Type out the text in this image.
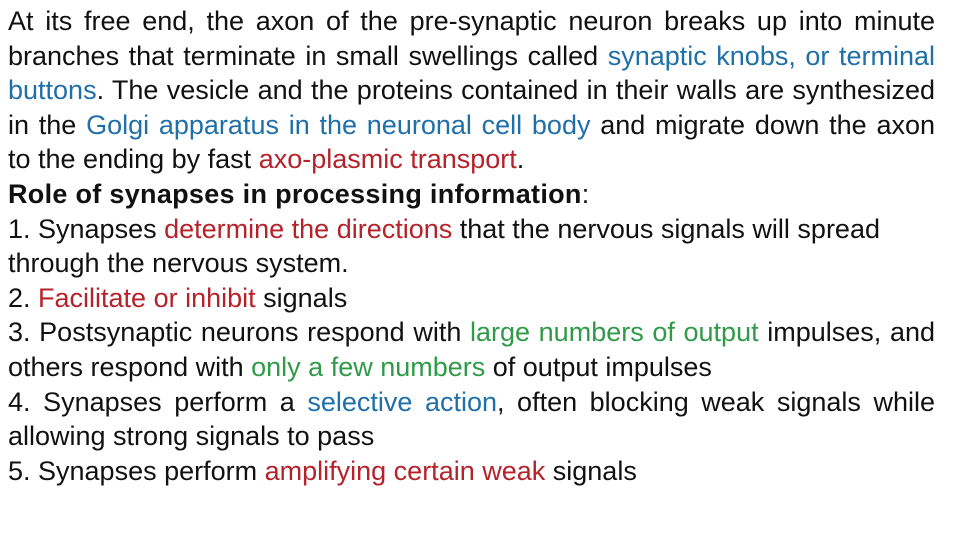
At its free end, the axon of the pre-synaptic neuron breaks up into minute branches that terminate in small swellings called synaptic knobs, or terminal buttons. The vesicle and the proteins contained in their walls are synthesized in the Golgi apparatus in the neuronal cell body and migrate down the axon to the ending by fast axo-plasmic transport.

Role of synapses in processing information:

1. Synapses determine the directions that the nervous signals will spread through the nervous system.

2. Facilitate or inhibit signals

3. Postsynaptic neurons respond with large numbers of output impulses, and others respond with only a few numbers of output impulses

4. Synapses perform a selective action, often blocking weak signals while allowing strong signals to pass

5. Synapses perform amplifying certain weak signals
